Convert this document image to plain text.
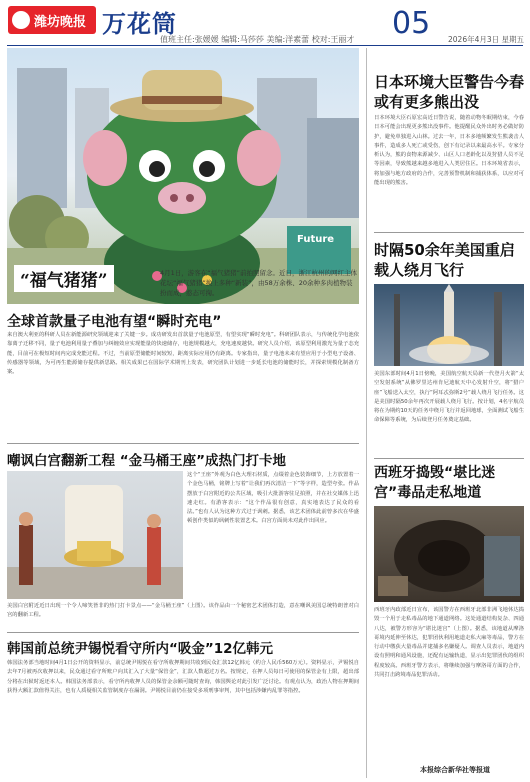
潍坊晚报 万花筒
值班主任:张媛媛 编辑:马莎莎 美编:洋素蕾 校对:王丽才 05 2026年4月3日 星期五
Future
“福气猪猪”	4月1日，游客在“福气猪猪”前拍照留念。近日，浙江杭州的网红主体花坛“福气猪猪”换上多种“新装”，由58万余株、20余种多肉植物装扮而成，憨态可掬。
全球首款量子电池有望“瞬时充电”
来自澳大利亚的科研人员在新能源研究领域迎来了关键一步。成功研发出首款量子电池原型，有望实现“瞬时充电”。科研团队表示，与传统化学电池依靠离子迁移不同，量子电池利用量子叠加与纠缠效应实现能量的快速储存，电池规模越大，充电速度越快。研究人员介绍，该原型利用激光为量子态充能，目前可在极短时间内完成充能过程。不过，当前原型储能时间较短，距离实际应用仍有距离。专家指出，量子电池未来有望应用于小型电子设备、传感器等领域，为可再生能源储存提供新思路。相关成果已在国际学术期刊上发表，研究团队计划进一步延长电池的储能时长，并探索规模化制备方案。
嘲讽白宫翻新工程 “金马桶王座”成热门打卡地
这个“王座”外观为白色大理石材质，点缀着金色装饰细节，上方放置着一个金色马桶，铭牌上写着“让我们再次清洁一下”等字样，造型夸张。作品摆放于白宫附近的公共区域，吸引大批游客驻足拍照，并在社交媒体上迅速走红。有游客表示：“这个作品很有创意，真实地表达了民众的看法。”也有人认为这种方式过于讽刺。据悉，该艺术团体此前曾多次在华盛顿创作类似的讽刺性装置艺术。白宫方面尚未对此作出回应。
美国白宫附近近日出现一个令人啼笑皆非的热门打卡景点——“金马桶王座”（上图）。该作品由一个秘密艺术团体打造，意在嘲讽美国总统特朗普对白宫的翻新工程。
韩国前总统尹锡悦看守所内“吸金”12亿韩元
韩国法务部当地时间4月1日公开的资料显示，前总统尹锡悦在看守所收押期间共收到民众汇款12亿韩元（约合人民币560万元）。资料显示，尹锡悦自去年7月被再次收押以来，民众通过看守所账户向其汇入了大量“保管金”，汇款人数超过万名。按规定，在押人员每日可使用的保管金有上限，超出部分将在出狱时返还本人。韩国法务部表示，看守所内收押人员的保管金余额可随时查询，韩国舆论对此引发广泛讨论。有观点认为，政治人物在押期间获得大额汇款值得关注，也有人质疑相关监管制度存在漏洞。尹锡悦目前仍在接受多项刑事审判，其中包括涉嫌内乱罪等指控。
日本环境大臣警告今春或有更多熊出没
日本环境大臣石原宏高近日警告说，随着动物冬眠期结束，今春日本可能会出现更多熊出没事件。他提醒民众外出时务必做好防护，避免单独进入山林。过去一年，日本多地频繁发生熊袭击人事件，造成多人死亡或受伤，创下有记录以来最高水平。专家分析认为，熊的食物来源减少、山区人口老龄化以及狩猎人员不足等因素，导致熊越来越多地进入人类居住区。日本环境省表示，将加强与地方政府的合作，完善预警机制和捕获体系，以应对可能出现的熊害。
时隔50余年美国重启载人绕月飞行
美国东部时间4月1日傍晚，美国航空航天局新一代登月火箭“太空发射系统”从佛罗里达州肯尼迪航天中心发射升空，将“猎户座”飞船送入太空，执行“阿耳忒弥斯2号”载人绕月飞行任务。这是美国时隔50余年再次开展载人绕月飞行。按计划，4名宇航员将在为期约10天的任务中绕月飞行并返回地球，全面测试飞船生命保障等系统，为后续登月任务奠定基础。
西班牙捣毁“堪比迷宫”毒品走私地道
西班牙内政部近日宣布，该国警方在西班牙北部非洲飞地休达捣毁一个用于走私毒品的地下通道网络。这处通道结构复杂、四通八达，被警方形容为“堪比迷宫”（上图）。据悉，该地道从摩洛哥境内延伸至休达，犯罪团伙利用地道走私大麻等毒品，警方在行动中缴获大量毒品并逮捕多名嫌疑人。调查人员表示，地道内设有照明和通风设施，还配有运输轨道，显示出犯罪团伙的组织程度较高。西班牙警方表示，将继续加强与摩洛哥方面的合作，共同打击跨境毒品犯罪活动。
本报综合新华社等报道
